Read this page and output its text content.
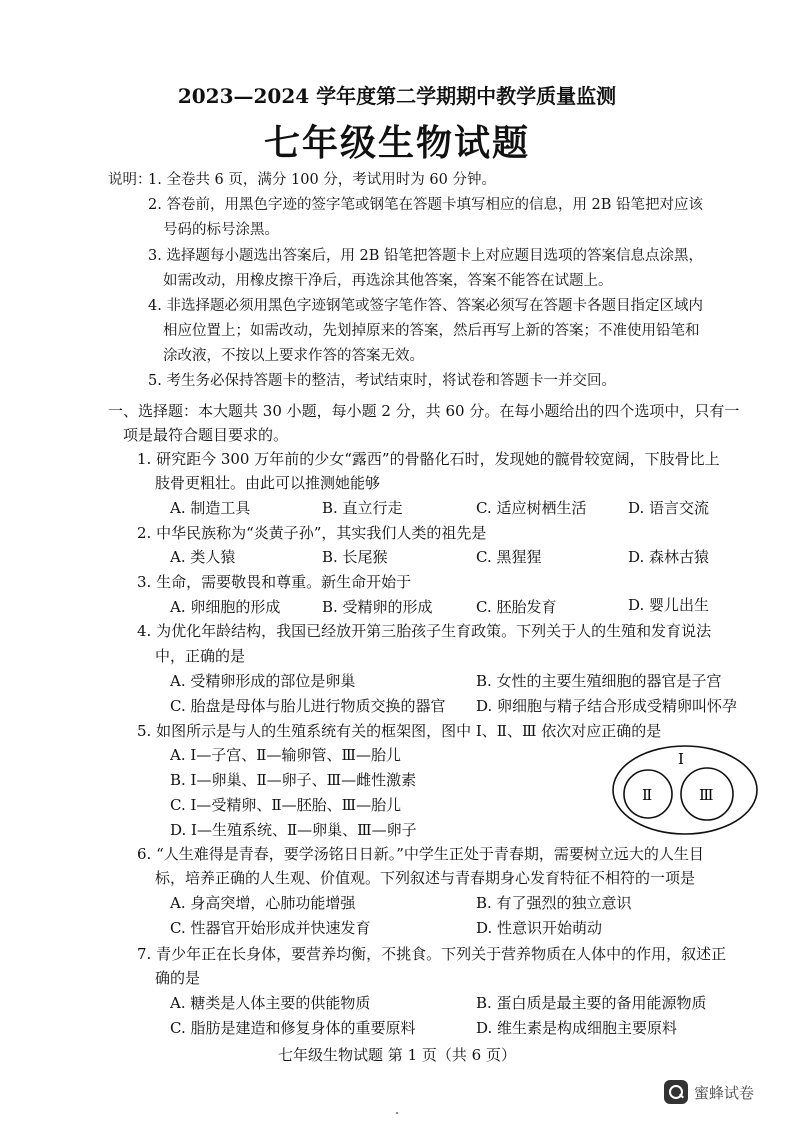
2023—2024 学年度第二学期期中教学质量监测
七年级生物试题
说明：
1. 全卷共 6 页，满分 100 分，考试用时为 60 分钟。
2. 答卷前，用黑色字迹的签字笔或钢笔在答题卡填写相应的信息，用 2B 铅笔把对应该
号码的标号涂黑。
3. 选择题每小题选出答案后，用 2B 铅笔把答题卡上对应题目选项的答案信息点涂黑，
如需改动，用橡皮擦干净后，再选涂其他答案，答案不能答在试题上。
4. 非选择题必须用黑色字迹钢笔或签字笔作答、答案必须写在答题卡各题目指定区域内
相应位置上；如需改动，先划掉原来的答案，然后再写上新的答案；不准使用铅笔和
涂改液，不按以上要求作答的答案无效。
5. 考生务必保持答题卡的整洁，考试结束时，将试卷和答题卡一并交回。
一、选择题：本大题共 30 小题，每小题 2 分，共 60 分。在每小题给出的四个选项中，只有一
项是最符合题目要求的。
1. 研究距今 300 万年前的少女“露西”的骨骼化石时，发现她的髋骨较宽阔，下肢骨比上
肢骨更粗壮。由此可以推测她能够
A. 制造工具	B. 直立行走	C. 适应树栖生活	D. 语言交流
2. 中华民族称为“炎黄子孙”，其实我们人类的祖先是
A. 类人猿	B. 长尾猴	C. 黑猩猩	D. 森林古猿
3. 生命，需要敬畏和尊重。新生命开始于
A. 卵细胞的形成	B. 受精卵的形成	C. 胚胎发育	D. 婴儿出生
4. 为优化年龄结构，我国已经放开第三胎孩子生育政策。下列关于人的生殖和发育说法
中，正确的是
A. 受精卵形成的部位是卵巢	B. 女性的主要生殖细胞的器官是子宫
C. 胎盘是母体与胎儿进行物质交换的器官 D. 卵细胞与精子结合形成受精卵叫怀孕
5. 如图所示是与人的生殖系统有关的框架图，图中 Ⅰ、Ⅱ、Ⅲ 依次对应正确的是
A. Ⅰ—子宫、Ⅱ—输卵管、Ⅲ—胎儿
B. Ⅰ—卵巢、Ⅱ—卵子、Ⅲ—雌性激素
C. Ⅰ—受精卵、Ⅱ—胚胎、Ⅲ—胎儿
D. Ⅰ—生殖系统、Ⅱ—卵巢、Ⅲ—卵子
Ⅰ
Ⅱ	Ⅲ
6. “人生难得是青春，要学汤铭日日新。”中学生正处于青春期，需要树立远大的人生目
标，培养正确的人生观、价值观。下列叙述与青春期身心发育特征不相符的一项是
A. 身高突增，心肺功能增强	B. 有了强烈的独立意识
C. 性器官开始形成并快速发育	D. 性意识开始萌动
7. 青少年正在长身体，要营养均衡，不挑食。下列关于营养物质在人体中的作用，叙述正
确的是
A. 糖类是人体主要的供能物质	B. 蛋白质是最主要的备用能源物质
C. 脂肪是建造和修复身体的重要原料	D. 维生素是构成细胞主要原料
七年级生物试题 第 1 页（共 6 页）
蜜蜂试卷
